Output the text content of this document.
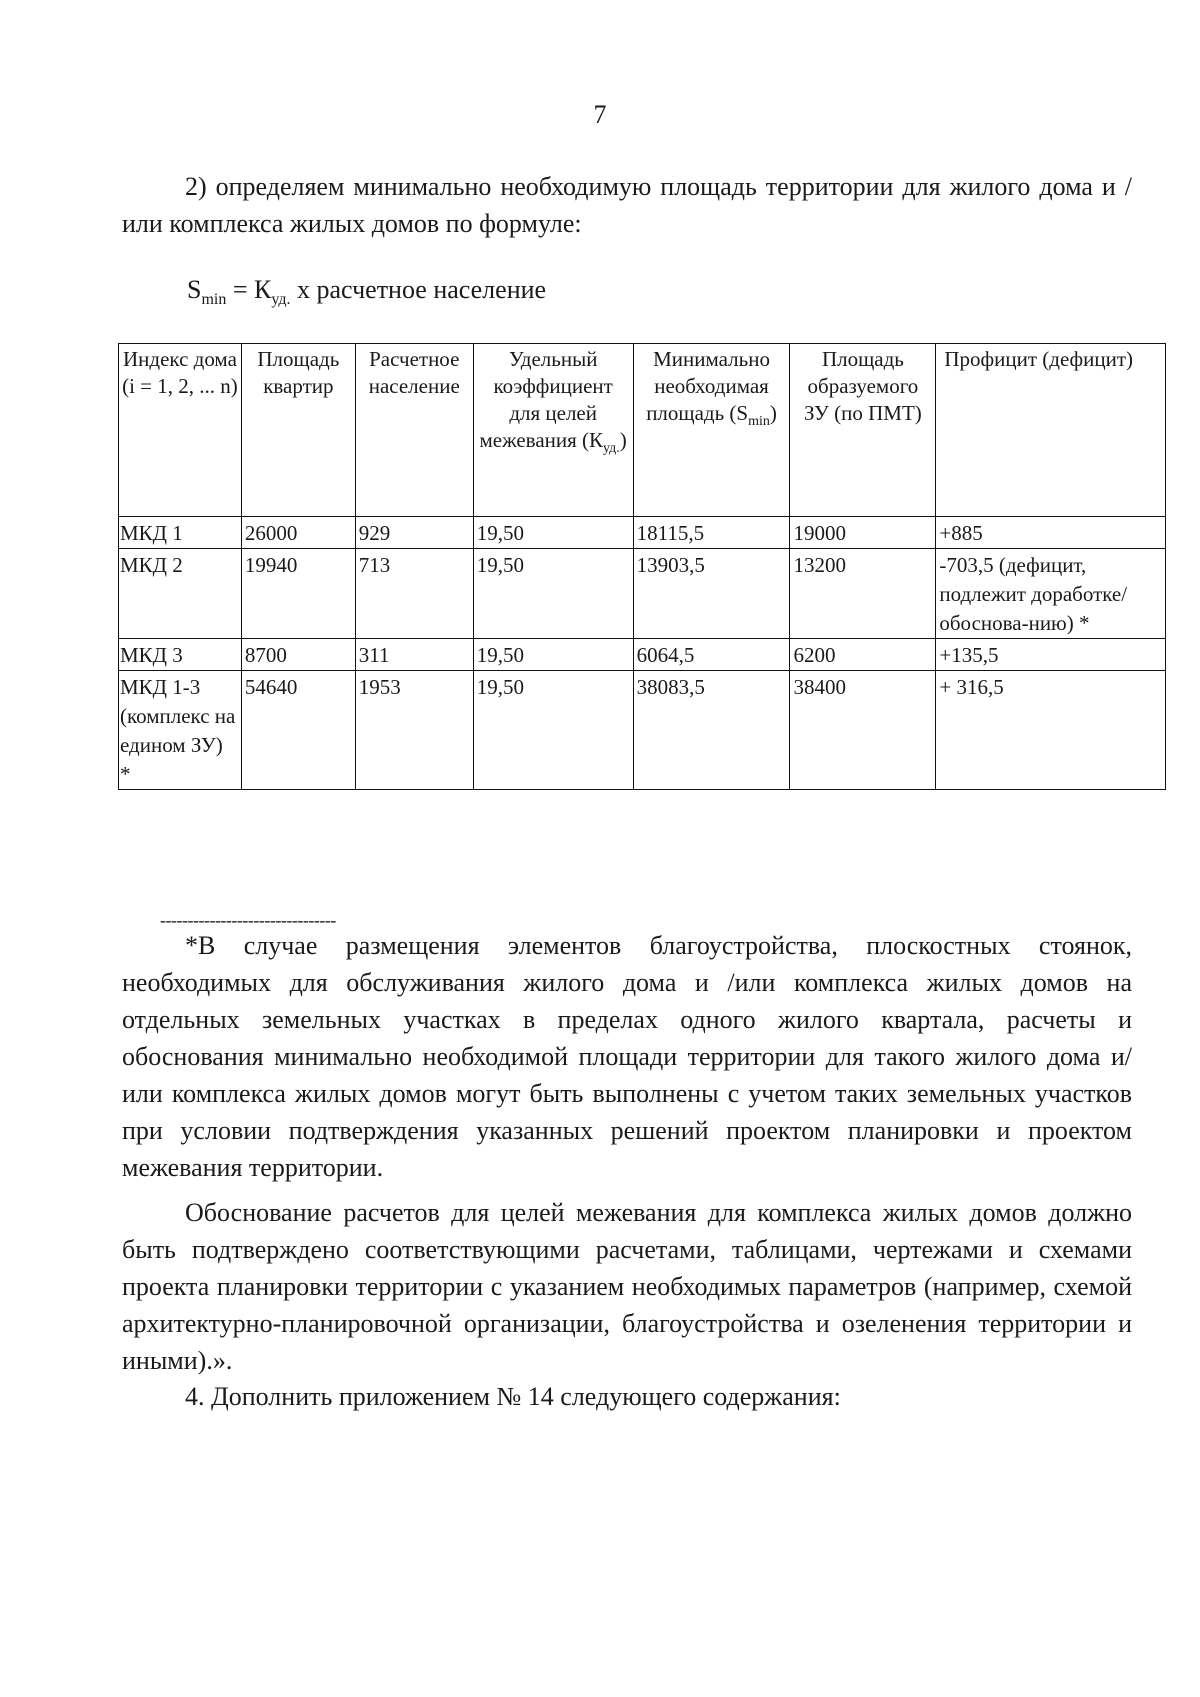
7
2) определяем минимально необходимую площадь территории для жилого дома и / или комплекса жилых домов по формуле:
$S_{min} = К_{уд.}$ х расчетное население
Индекс дома (i = 1, 2, ... n)	Площадь квартир	Расчетное население	Удельный коэффициент для целей межевания $(К_{уд.})$	Минимально необходимая площадь $(S_{min})$	Площадь образуемого ЗУ (по ПМТ)	Профицит (дефицит)
МКД 1	26000	929	19,50	18115,5	19000	+885
МКД 2	19940	713	19,50	13903,5	13200	-703,5 (дефицит, подлежит доработке/ обоснова-нию) *
МКД 3	8700	311	19,50	6064,5	6200	+135,5
МКД 1-3 (комплекс на едином ЗУ) *	54640	1953	19,50	38083,5	38400	+ 316,5
--------------------------------
*В случае размещения элементов благоустройства, плоскостных стоянок, необходимых для обслуживания жилого дома и /или комплекса жилых домов на отдельных земельных участках в пределах одного жилого квартала, расчеты и обоснования минимально необходимой площади территории для такого жилого дома и/или комплекса жилых домов могут быть выполнены с учетом таких земельных участков при условии подтверждения указанных решений проектом планировки и проектом межевания территории.
Обоснование расчетов для целей межевания для комплекса жилых домов должно быть подтверждено соответствующими расчетами, таблицами, чертежами и схемами проекта планировки территории с указанием необходимых параметров (например, схемой архитектурно-планировочной организации, благоустройства и озеленения территории и иными).».
4. Дополнить приложением № 14 следующего содержания:
